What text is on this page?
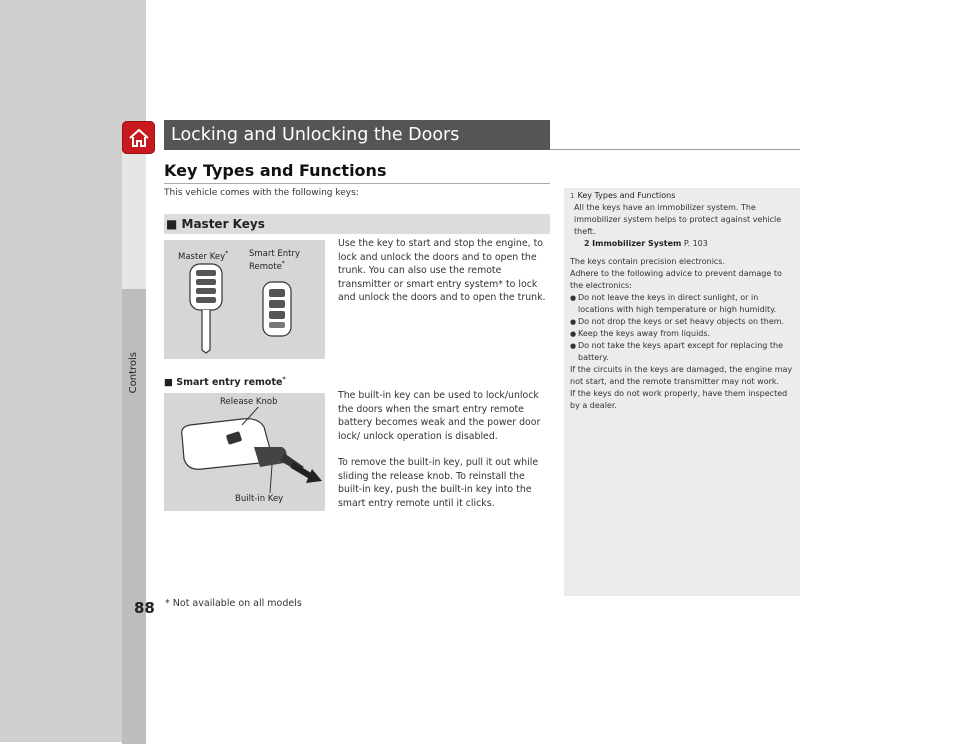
Controls
88 * Not available on all models
Locking and Unlocking the Doors
Key Types and Functions
This vehicle comes with the following keys:
■ Master Keys
Master Key* Smart Entry
Remote*

Use the key to start and stop the engine, to lock and unlock the doors and to open the trunk. You can also use the remote transmitter or smart entry system* to lock and unlock the doors and to open the trunk.

■ Smart entry remote*
Release Knob
Built-in Key

The built-in key can be used to lock/unlock the doors when the smart entry remote battery becomes weak and the power door lock/ unlock operation is disabled.

To remove the built-in key, pull it out while sliding the release knob. To reinstall the built-in key, push the built-in key into the smart entry remote until it clicks.

1 Key Types and Functions
All the keys have an immobilizer system. The immobilizer system helps to protect against vehicle theft.
2 Immobilizer System P. 103
The keys contain precision electronics.
Adhere to the following advice to prevent damage to the electronics:
● Do not leave the keys in direct sunlight, or in locations with high temperature or high humidity.
● Do not drop the keys or set heavy objects on them.
● Keep the keys away from liquids.
● Do not take the keys apart except for replacing the battery.
If the circuits in the keys are damaged, the engine may not start, and the remote transmitter may not work.
If the keys do not work properly, have them inspected by a dealer.
